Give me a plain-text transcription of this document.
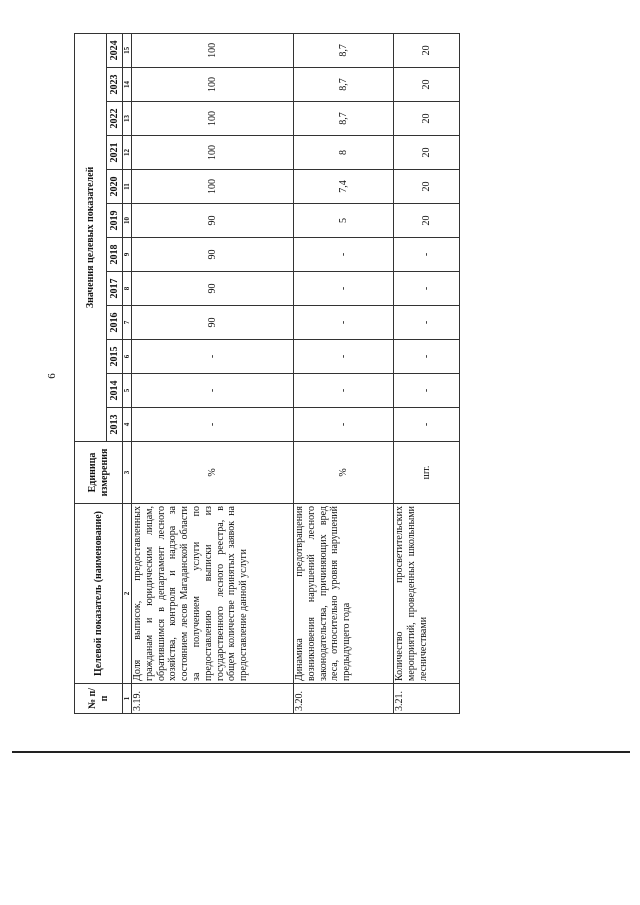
6
№ п/п	Целевой показатель (наименование)	Единица измерения	Значения целевых показателей											
			2013	2014	2015	2016	2017	2018	2019	2020	2021	2022	2023	2024
1	2	3	4	5	6	7	8	9	10	11	12	13	14	15
3.19.	Доля выписок, предоставленных гражданам и юридическим лицам, обратившимся в департамент лесного хозяйства, контроля и надзора за состоянием лесов Магаданской области за получением услуги по предоставлению выписки из государственного лесного реестра, в общем количестве принятых заявок на предоставление данной услуги	%	-	-	-	90	90	90	90	100	100	100	100	100
3.20.	Динамика предотвращения возникновения нарушений лесного законодательства, причиняющих вред леса, относительно уровня нарушений предыдущего года	%	-	-	-	-	-	-	5	7,4	8	8,7	8,7	8,7
3.21.	Количество просветительских мероприятий, проведенных школьными лесничествами	шт.	-	-	-	-	-	-	20	20	20	20	20	20
